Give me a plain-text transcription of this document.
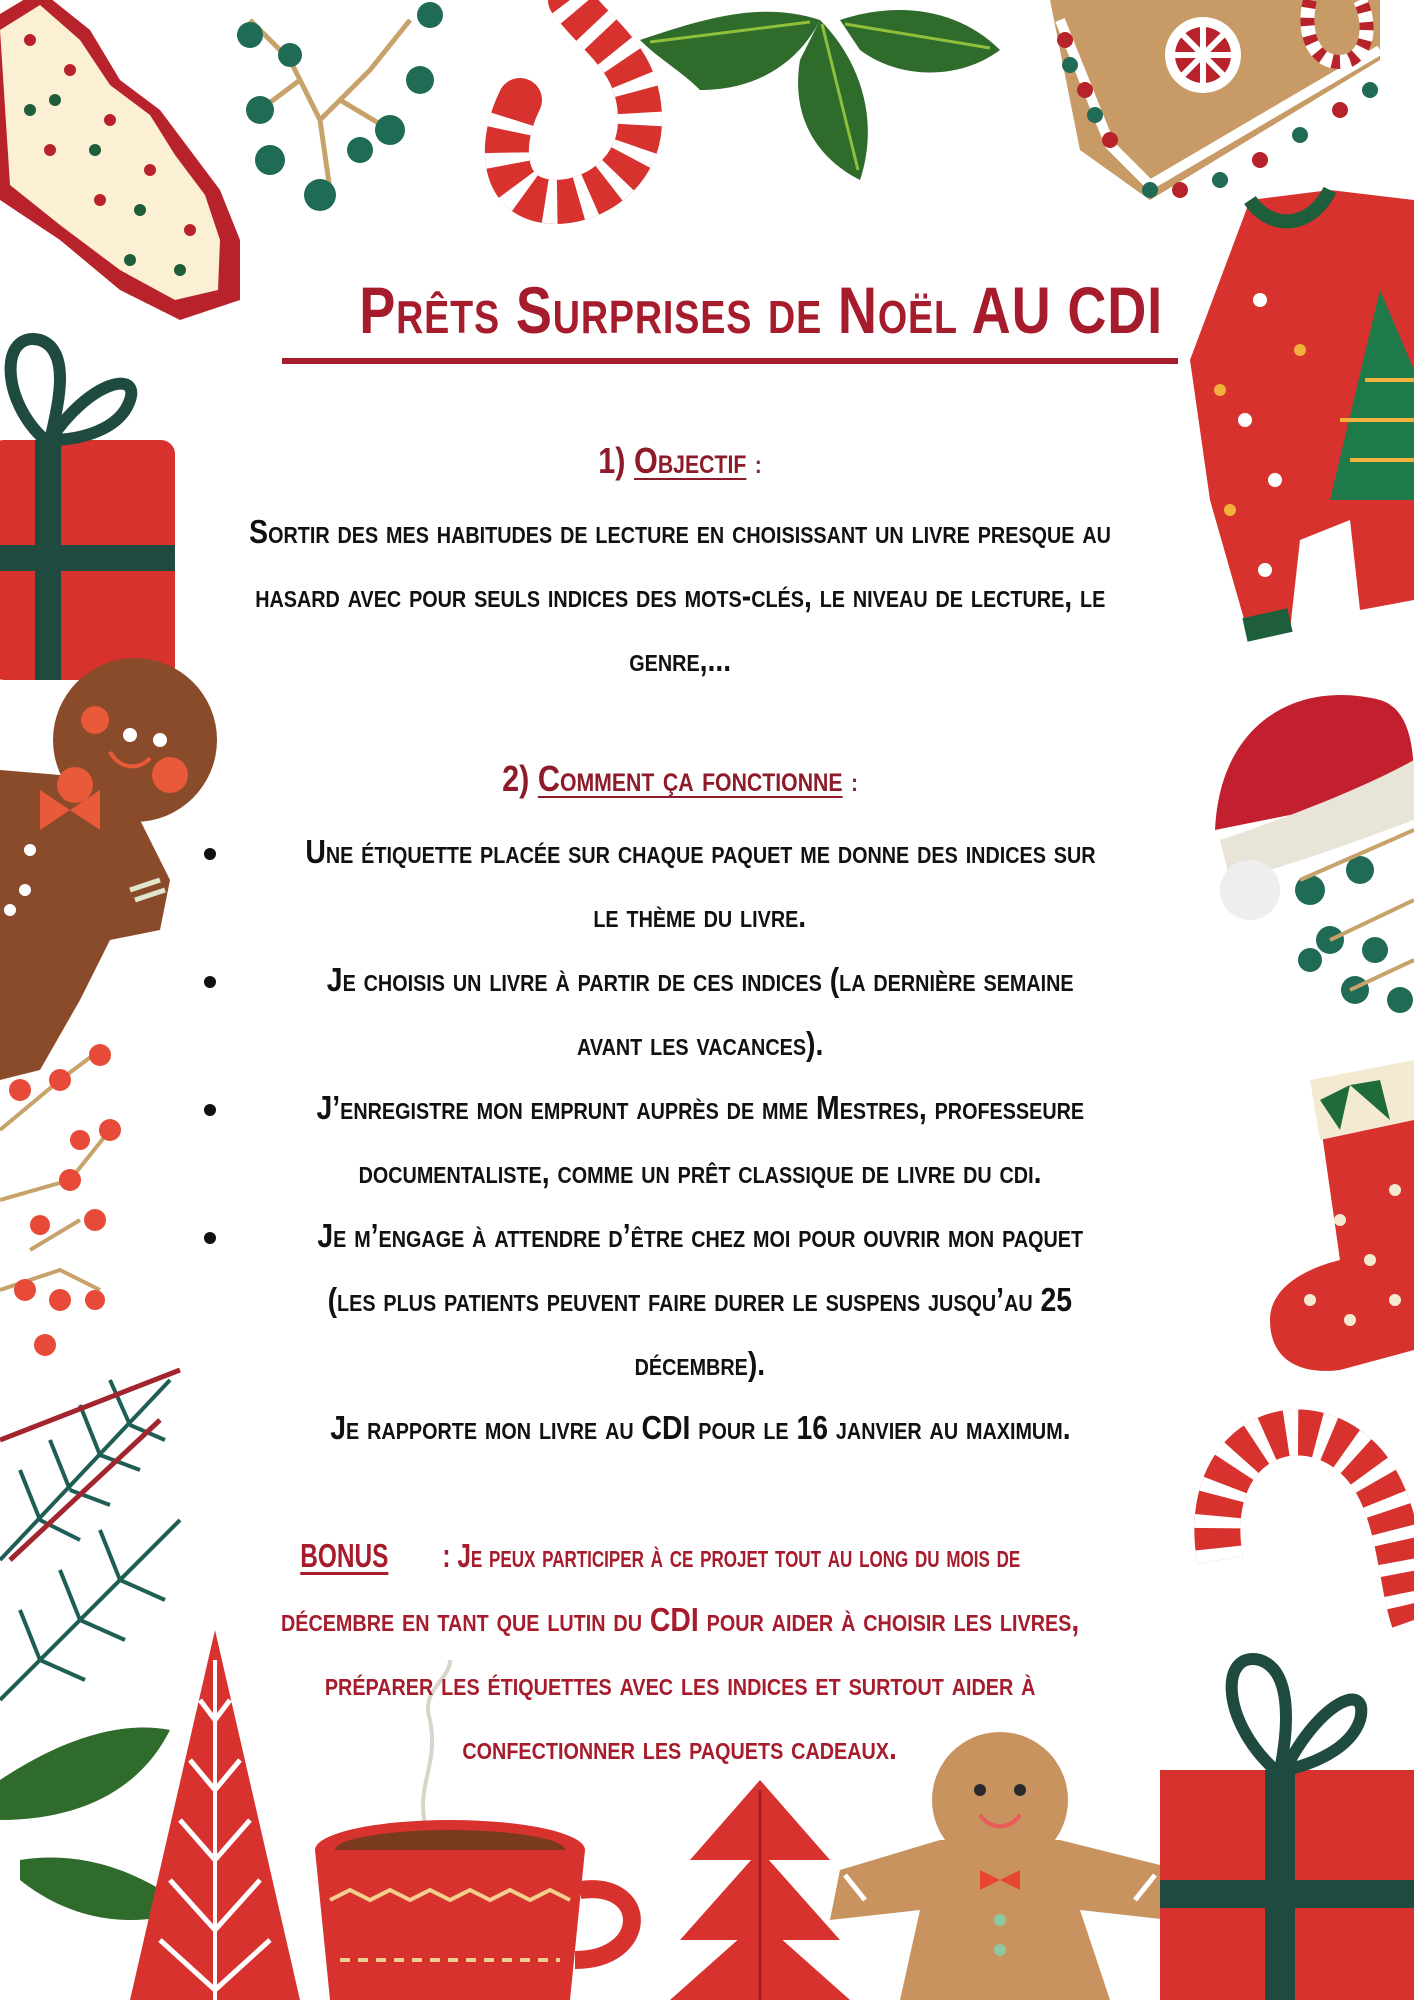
Prêts Surprises de Noël AU CDI
1) Objectif :
Sortir des mes habitudes de lecture en choisissant un livre presque au
hasard avec pour seuls indices des mots-clés, le niveau de lecture, le
genre,...
2) Comment ça fonctionne :
Une étiquette placée sur chaque paquet me donne des indices sur
le thème du livre.
Je choisis un livre à partir de ces indices (la dernière semaine
avant les vacances).
J’enregistre mon emprunt auprès de mme Mestres, professeure
documentaliste, comme un prêt classique de livre du cdi.
Je m’engage à attendre d’être chez moi pour ouvrir mon paquet
(les plus patients peuvent faire durer le suspens jusqu’au 25
décembre).
Je rapporte mon livre au CDI pour le 16 janvier au maximum.
BONUS: Je peux participer à ce projet tout au long du mois de
décembre en tant que lutin du CDI pour aider à choisir les livres,
préparer les étiquettes avec les indices et surtout aider à
confectionner les paquets cadeaux.
